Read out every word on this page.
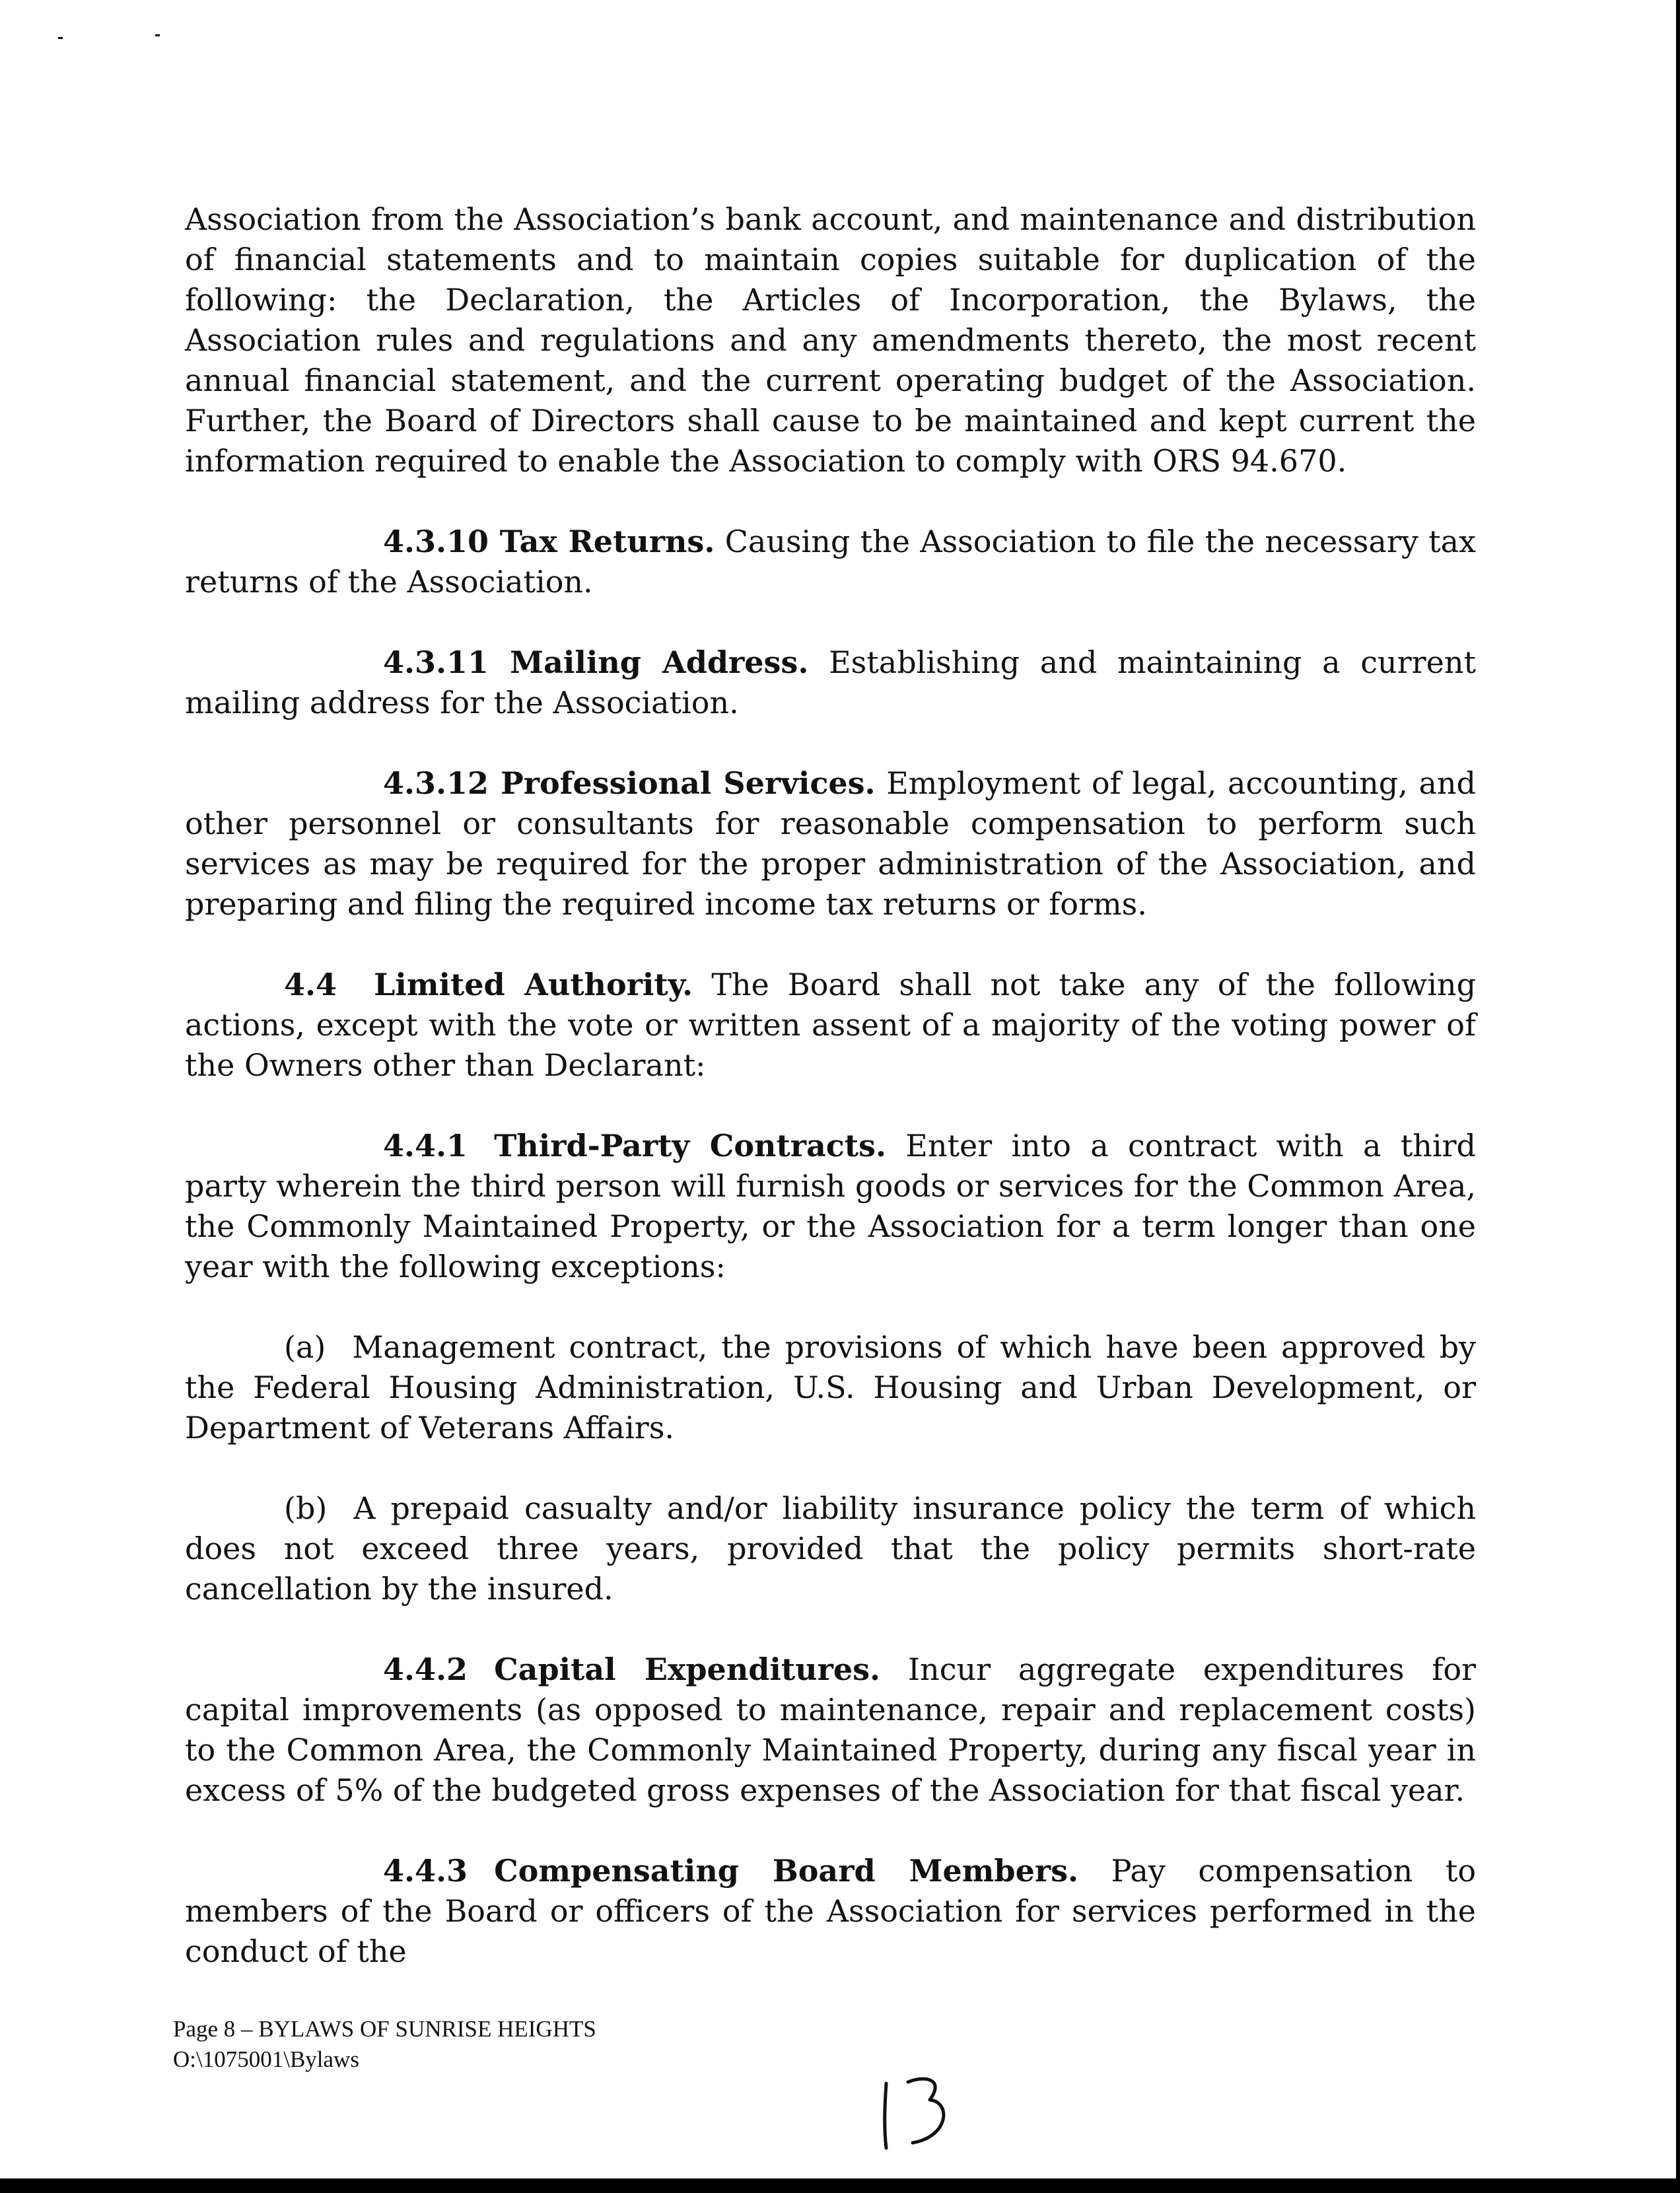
Association from the Association’s bank account, and maintenance and distribution of financial statements and to maintain copies suitable for duplication of the following: the Declaration, the Articles of Incorporation, the Bylaws, the Association rules and regulations and any amendments thereto, the most recent annual financial statement, and the current operating budget of the Association. Further, the Board of Directors shall cause to be maintained and kept current the information required to enable the Association to comply with ORS 94.670.

4.3.10 Tax Returns. Causing the Association to file the necessary tax returns of the Association.

4.3.11 Mailing Address. Establishing and maintaining a current mailing address for the Association.

4.3.12 Professional Services. Employment of legal, accounting, and other personnel or consultants for reasonable compensation to perform such services as may be required for the proper administration of the Association, and preparing and filing the required income tax returns or forms.

4.4 Limited Authority. The Board shall not take any of the following actions, except with the vote or written assent of a majority of the voting power of the Owners other than Declarant:

4.4.1 Third-Party Contracts. Enter into a contract with a third party wherein the third person will furnish goods or services for the Common Area, the Commonly Maintained Property, or the Association for a term longer than one year with the following exceptions:

(a) Management contract, the provisions of which have been approved by the Federal Housing Administration, U.S. Housing and Urban Development, or Department of Veterans Affairs.

(b) A prepaid casualty and/or liability insurance policy the term of which does not exceed three years, provided that the policy permits short-rate cancellation by the insured.

4.4.2 Capital Expenditures. Incur aggregate expenditures for capital improvements (as opposed to maintenance, repair and replacement costs) to the Common Area, the Commonly Maintained Property, during any fiscal year in excess of 5% of the budgeted gross expenses of the Association for that fiscal year.

4.4.3 Compensating Board Members. Pay compensation to members of the Board or officers of the Association for services performed in the conduct of the

Page 8 – BYLAWS OF SUNRISE HEIGHTS
O:\1075001\Bylaws
